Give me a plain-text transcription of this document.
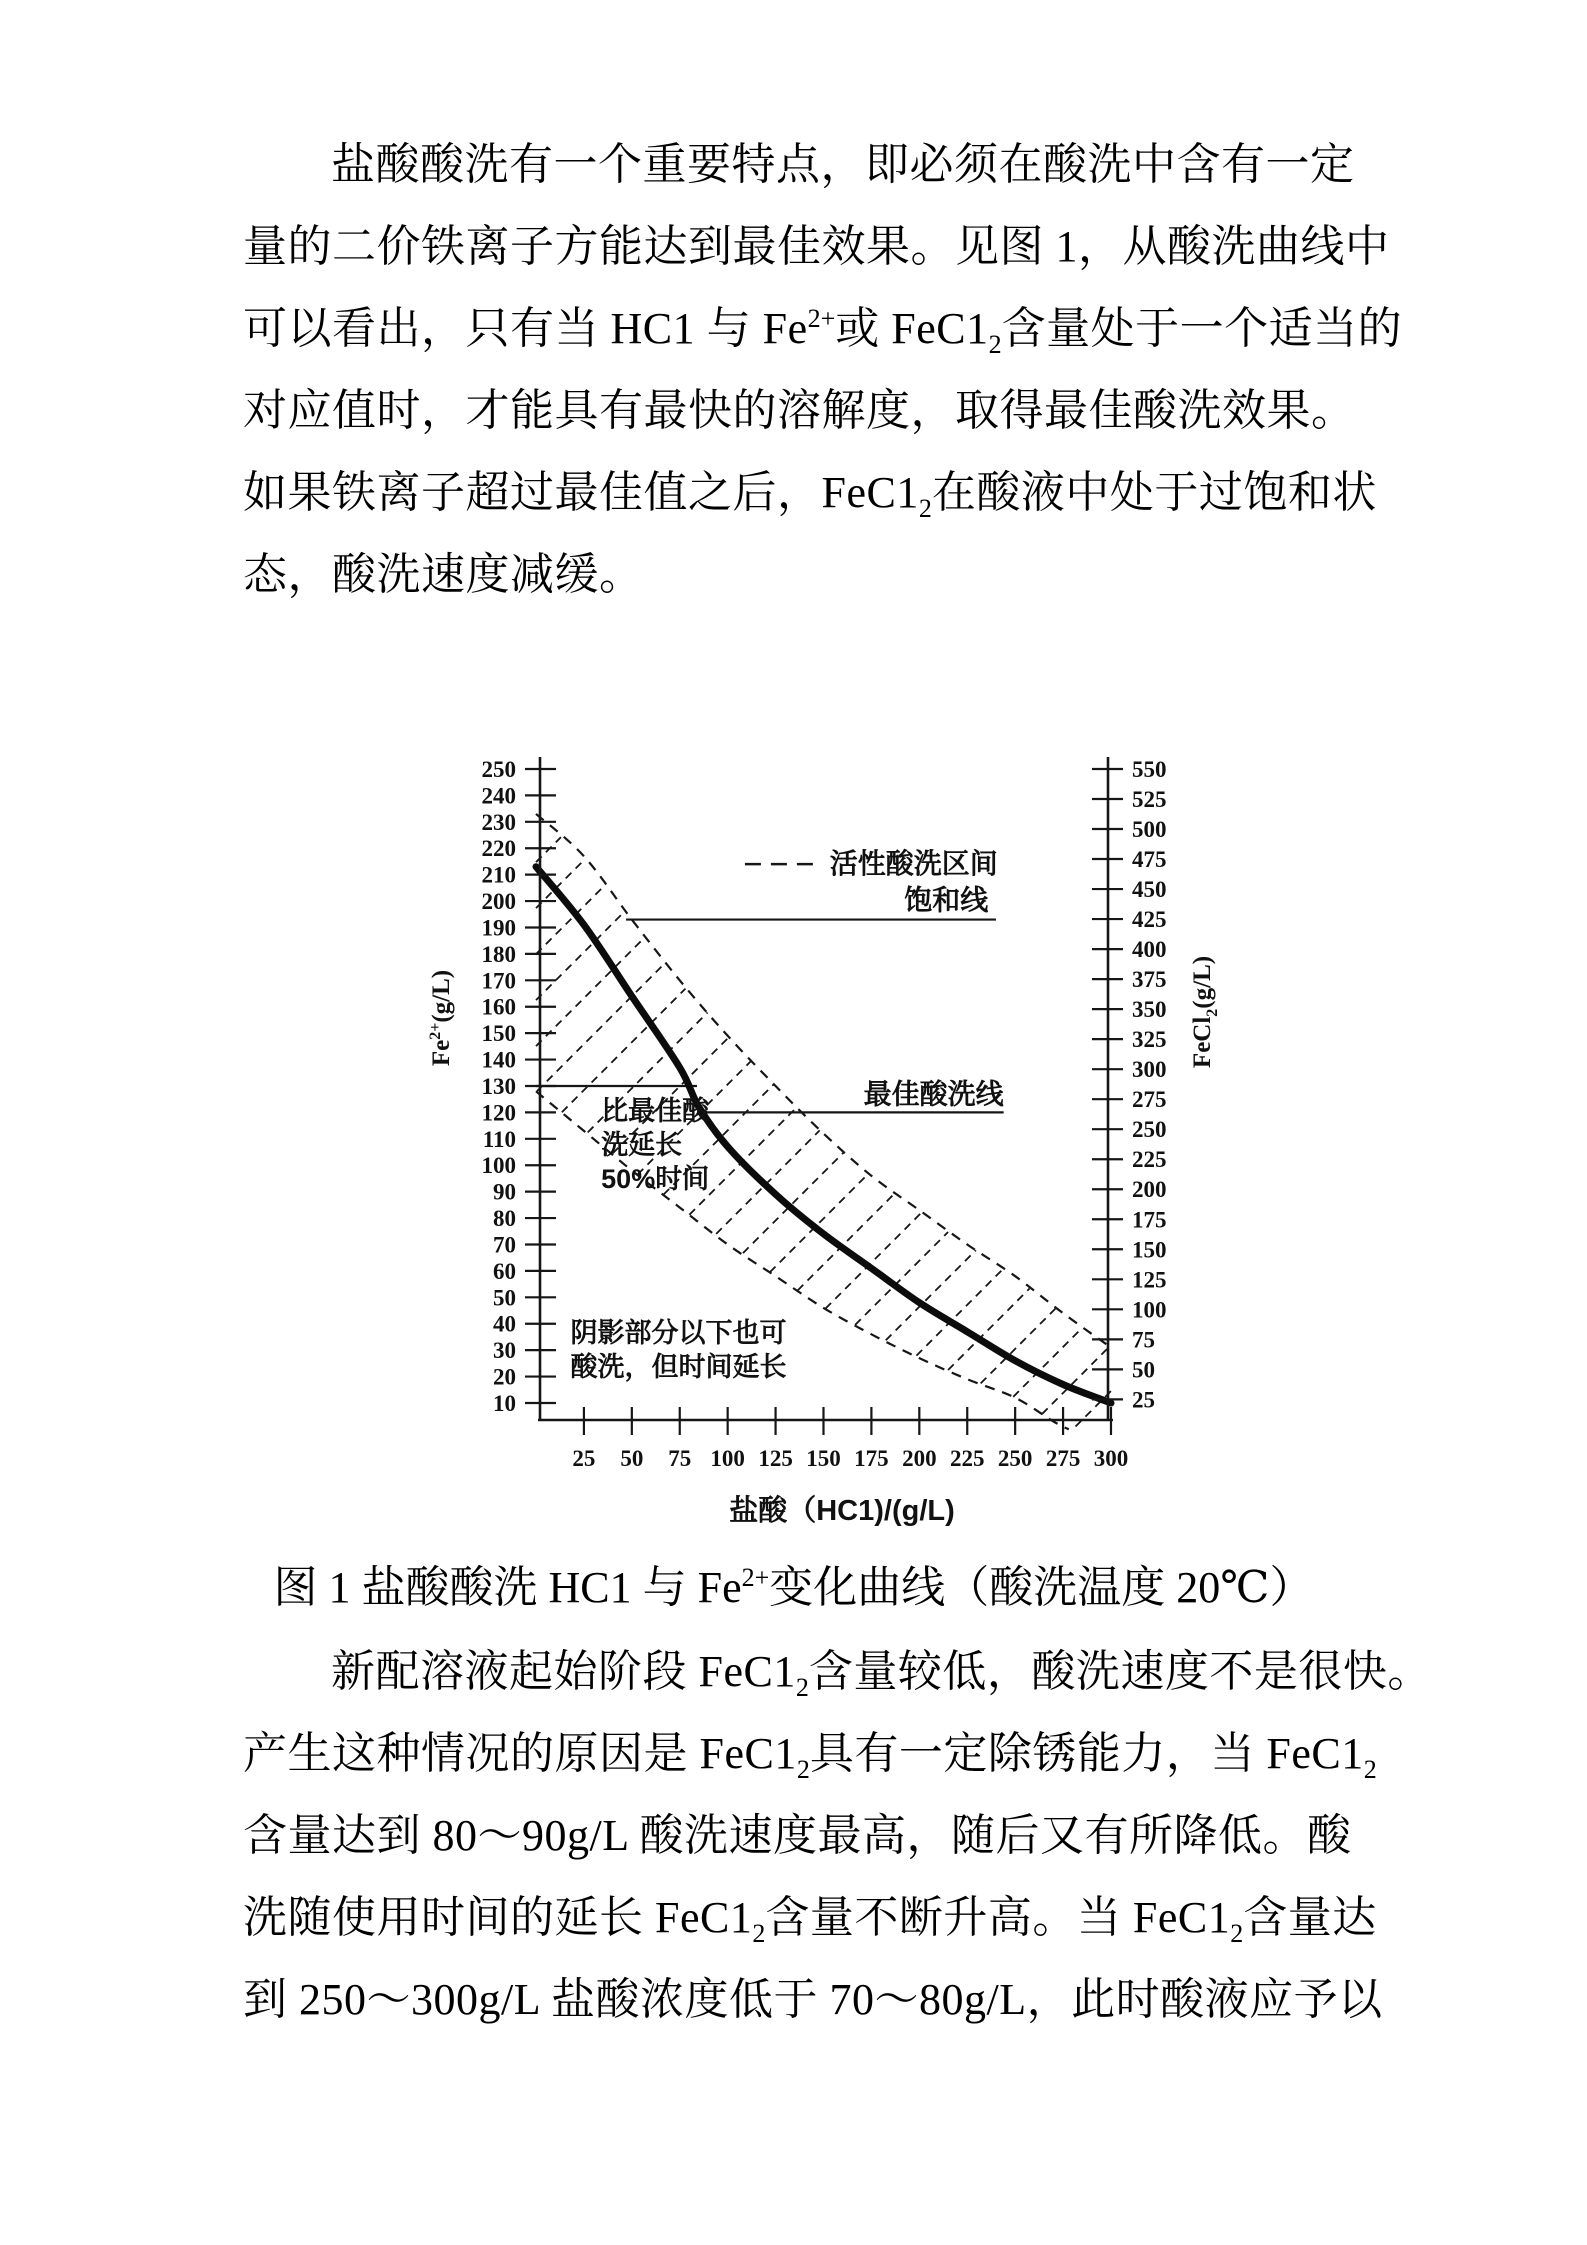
盐酸酸洗有一个重要特点，即必须在酸洗中含有一定
量的二价铁离子方能达到最佳效果。见图 1，从酸洗曲线中
可以看出，只有当 HC1 与 $Fe^{2+}$或 $FeC1_2$含量处于一个适当的
对应值时，才能具有最快的溶解度，取得最佳酸洗效果。
如果铁离子超过最佳值之后，$FeC1_2$在酸液中处于过饱和状
态，酸洗速度减缓。
饱和线
最佳酸洗线
10
20
30
40
50
60
70
80
90
100
110
120
130
140
150
160
170
180
190
200
210
220
230
240
250
25
50
75
100
125
150
175
200
225
250
275
300
325
350
375
400
425
450
475
500
525
550
25 50 75 100 125 150 175 200 225 250 275 300
$Fe^{2+}(g/L)$
FeCl$_2$(g/L)
盐酸（HC1)/(g/L)
活性酸洗区间
比最佳酸
洗延长
50%时间
阴影部分以下也可
酸洗，但时间延长
图 1 盐酸酸洗 HC1 与 $Fe^{2+}$变化曲线（酸洗温度 20℃）
新配溶液起始阶段 $FeC1_2$含量较低，酸洗速度不是很快。
产生这种情况的原因是 $FeC1_2$具有一定除锈能力，当 $FeC1_2$
含量达到 80～90g/L 酸洗速度最高，随后又有所降低。酸
洗随使用时间的延长 $FeC1_2$含量不断升高。当 $FeC1_2$含量达
到 250～300g/L 盐酸浓度低于 70～80g/L，此时酸液应予以
